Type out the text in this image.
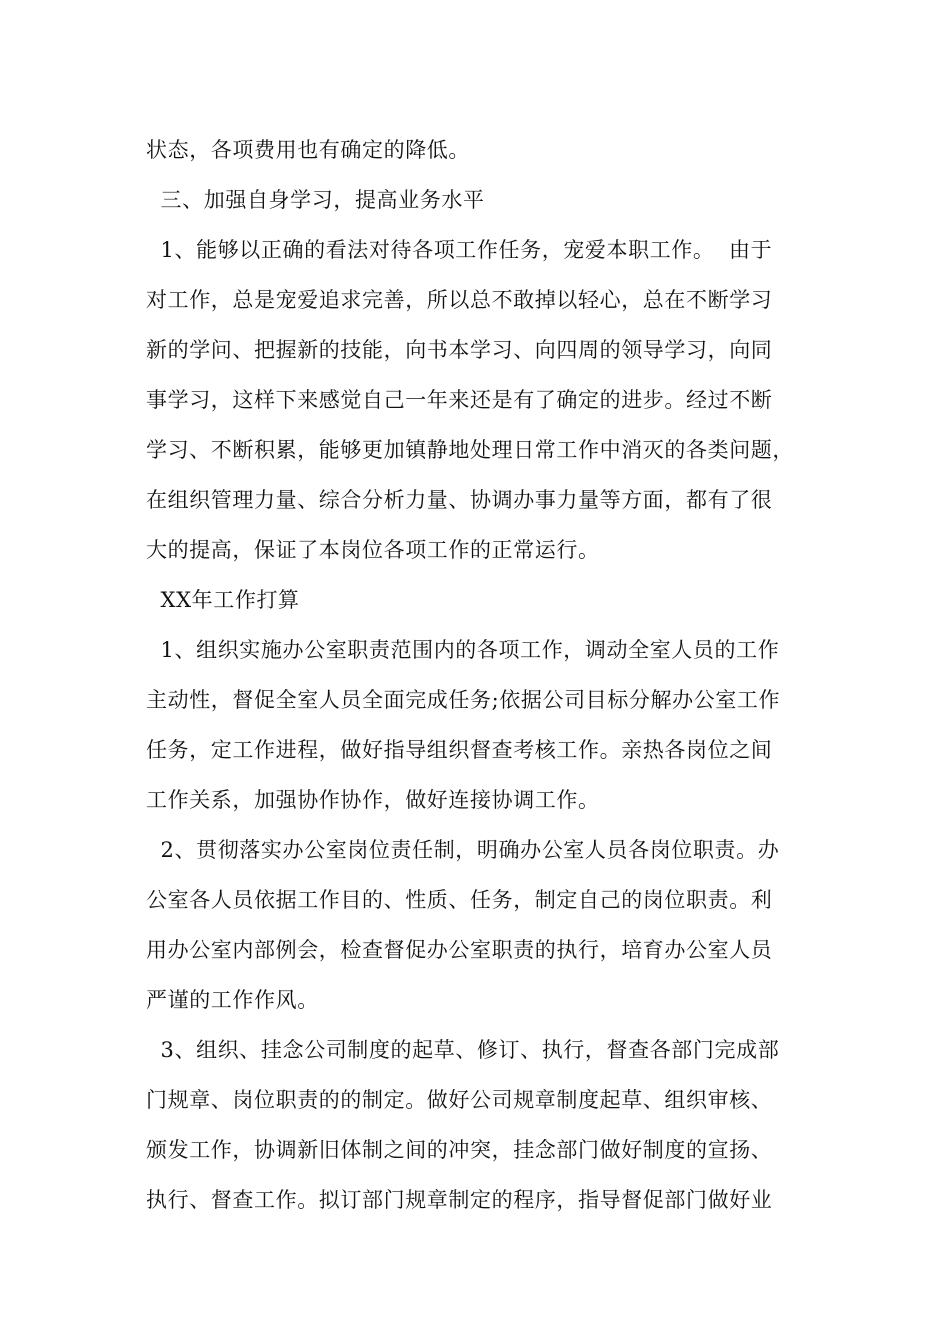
状态，各项费用也有确定的降低。
三、加强自身学习，提高业务水平
1、能够以正确的看法对待各项工作任务，宠爱本职工作。  由于
对工作，总是宠爱追求完善，所以总不敢掉以轻心，总在不断学习
新的学问、把握新的技能，向书本学习、向四周的领导学习，向同
事学习，这样下来感觉自己一年来还是有了确定的进步。经过不断
学习、不断积累，能够更加镇静地处理日常工作中消灭的各类问题，
在组织管理力量、综合分析力量、协调办事力量等方面，都有了很
大的提高，保证了本岗位各项工作的正常运行。
XX年工作打算
1、组织实施办公室职责范围内的各项工作，调动全室人员的工作
主动性，督促全室人员全面完成任务;依据公司目标分解办公室工作
任务，定工作进程，做好指导组织督查考核工作。亲热各岗位之间
工作关系，加强协作协作，做好连接协调工作。
2、贯彻落实办公室岗位责任制，明确办公室人员各岗位职责。办
公室各人员依据工作目的、性质、任务，制定自己的岗位职责。利
用办公室内部例会，检查督促办公室职责的执行，培育办公室人员
严谨的工作作风。
3、组织、挂念公司制度的起草、修订、执行，督查各部门完成部
门规章、岗位职责的的制定。做好公司规章制度起草、组织审核、
颁发工作，协调新旧体制之间的冲突，挂念部门做好制度的宣扬、
执行、督查工作。拟订部门规章制定的程序，指导督促部门做好业
